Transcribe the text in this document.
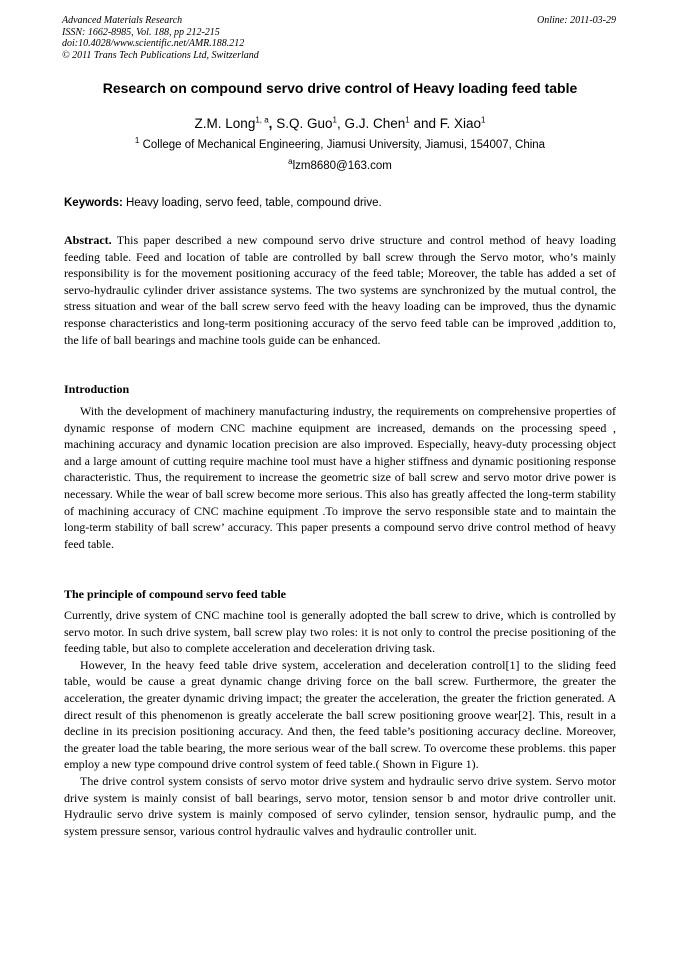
Advanced Materials Research
ISSN: 1662-8985, Vol. 188, pp 212-215
doi:10.4028/www.scientific.net/AMR.188.212
© 2011 Trans Tech Publications Ltd, Switzerland
Online: 2011-03-29
Research on compound servo drive control of Heavy loading feed table
Z.M. Long$^{1, a}$, S.Q. Guo$^1$, G.J. Chen$^1$ and F. Xiao$^1$
$^1$ College of Mechanical Engineering, Jiamusi University, Jiamusi, 154007, China
$^a$lzm8680@163.com
Keywords: Heavy loading, servo feed, table, compound drive.

Abstract. This paper described a new compound servo drive structure and control method of heavy loading feeding table. Feed and location of table are controlled by ball screw through the Servo motor, who’s mainly responsibility is for the movement positioning accuracy of the feed table; Moreover, the table has added a set of servo-hydraulic cylinder driver assistance systems. The two systems are synchronized by the mutual control, the stress situation and wear of the ball screw servo feed with the heavy loading can be improved, thus the dynamic response characteristics and long-term positioning accuracy of the servo feed table can be improved ,addition to, the life of ball bearings and machine tools guide can be enhanced.

Introduction

With the development of machinery manufacturing industry, the requirements on comprehensive properties of dynamic response of modern CNC machine equipment are increased, demands on the processing speed , machining accuracy and dynamic location precision are also improved. Especially, heavy-duty processing object and a large amount of cutting require machine tool must have a higher stiffness and dynamic positioning response characteristic. Thus, the requirement to increase the geometric size of ball screw and servo motor drive power is necessary. While the wear of ball screw become more serious. This also has greatly affected the long-term stability of machining accuracy of CNC machine equipment .To improve the servo responsible state and to maintain the long-term stability of ball screw’ accuracy. This paper presents a compound servo drive control method of heavy feed table.

The principle of compound servo feed table

Currently, drive system of CNC machine tool is generally adopted the ball screw to drive, which is controlled by servo motor. In such drive system, ball screw play two roles: it is not only to control the precise positioning of the feeding table, but also to complete acceleration and deceleration driving task.

However, In the heavy feed table drive system, acceleration and deceleration control[1] to the sliding feed table, would be cause a great dynamic change driving force on the ball screw. Furthermore, the greater the acceleration, the greater dynamic driving impact; the greater the acceleration, the greater the friction generated. A direct result of this phenomenon is greatly accelerate the ball screw positioning groove wear[2]. This, result in a decline in its precision positioning accuracy. And then, the feed table’s positioning accuracy decline. Moreover, the greater load the table bearing, the more serious wear of the ball screw. To overcome these problems. this paper employ a new type compound drive control system of feed table.( Shown in Figure 1).

The drive control system consists of servo motor drive system and hydraulic servo drive system. Servo motor drive system is mainly consist of ball bearings, servo motor, tension sensor b and motor drive controller unit. Hydraulic servo drive system is mainly composed of servo cylinder, tension sensor, hydraulic pump, and the system pressure sensor, various control hydraulic valves and hydraulic controller unit.
